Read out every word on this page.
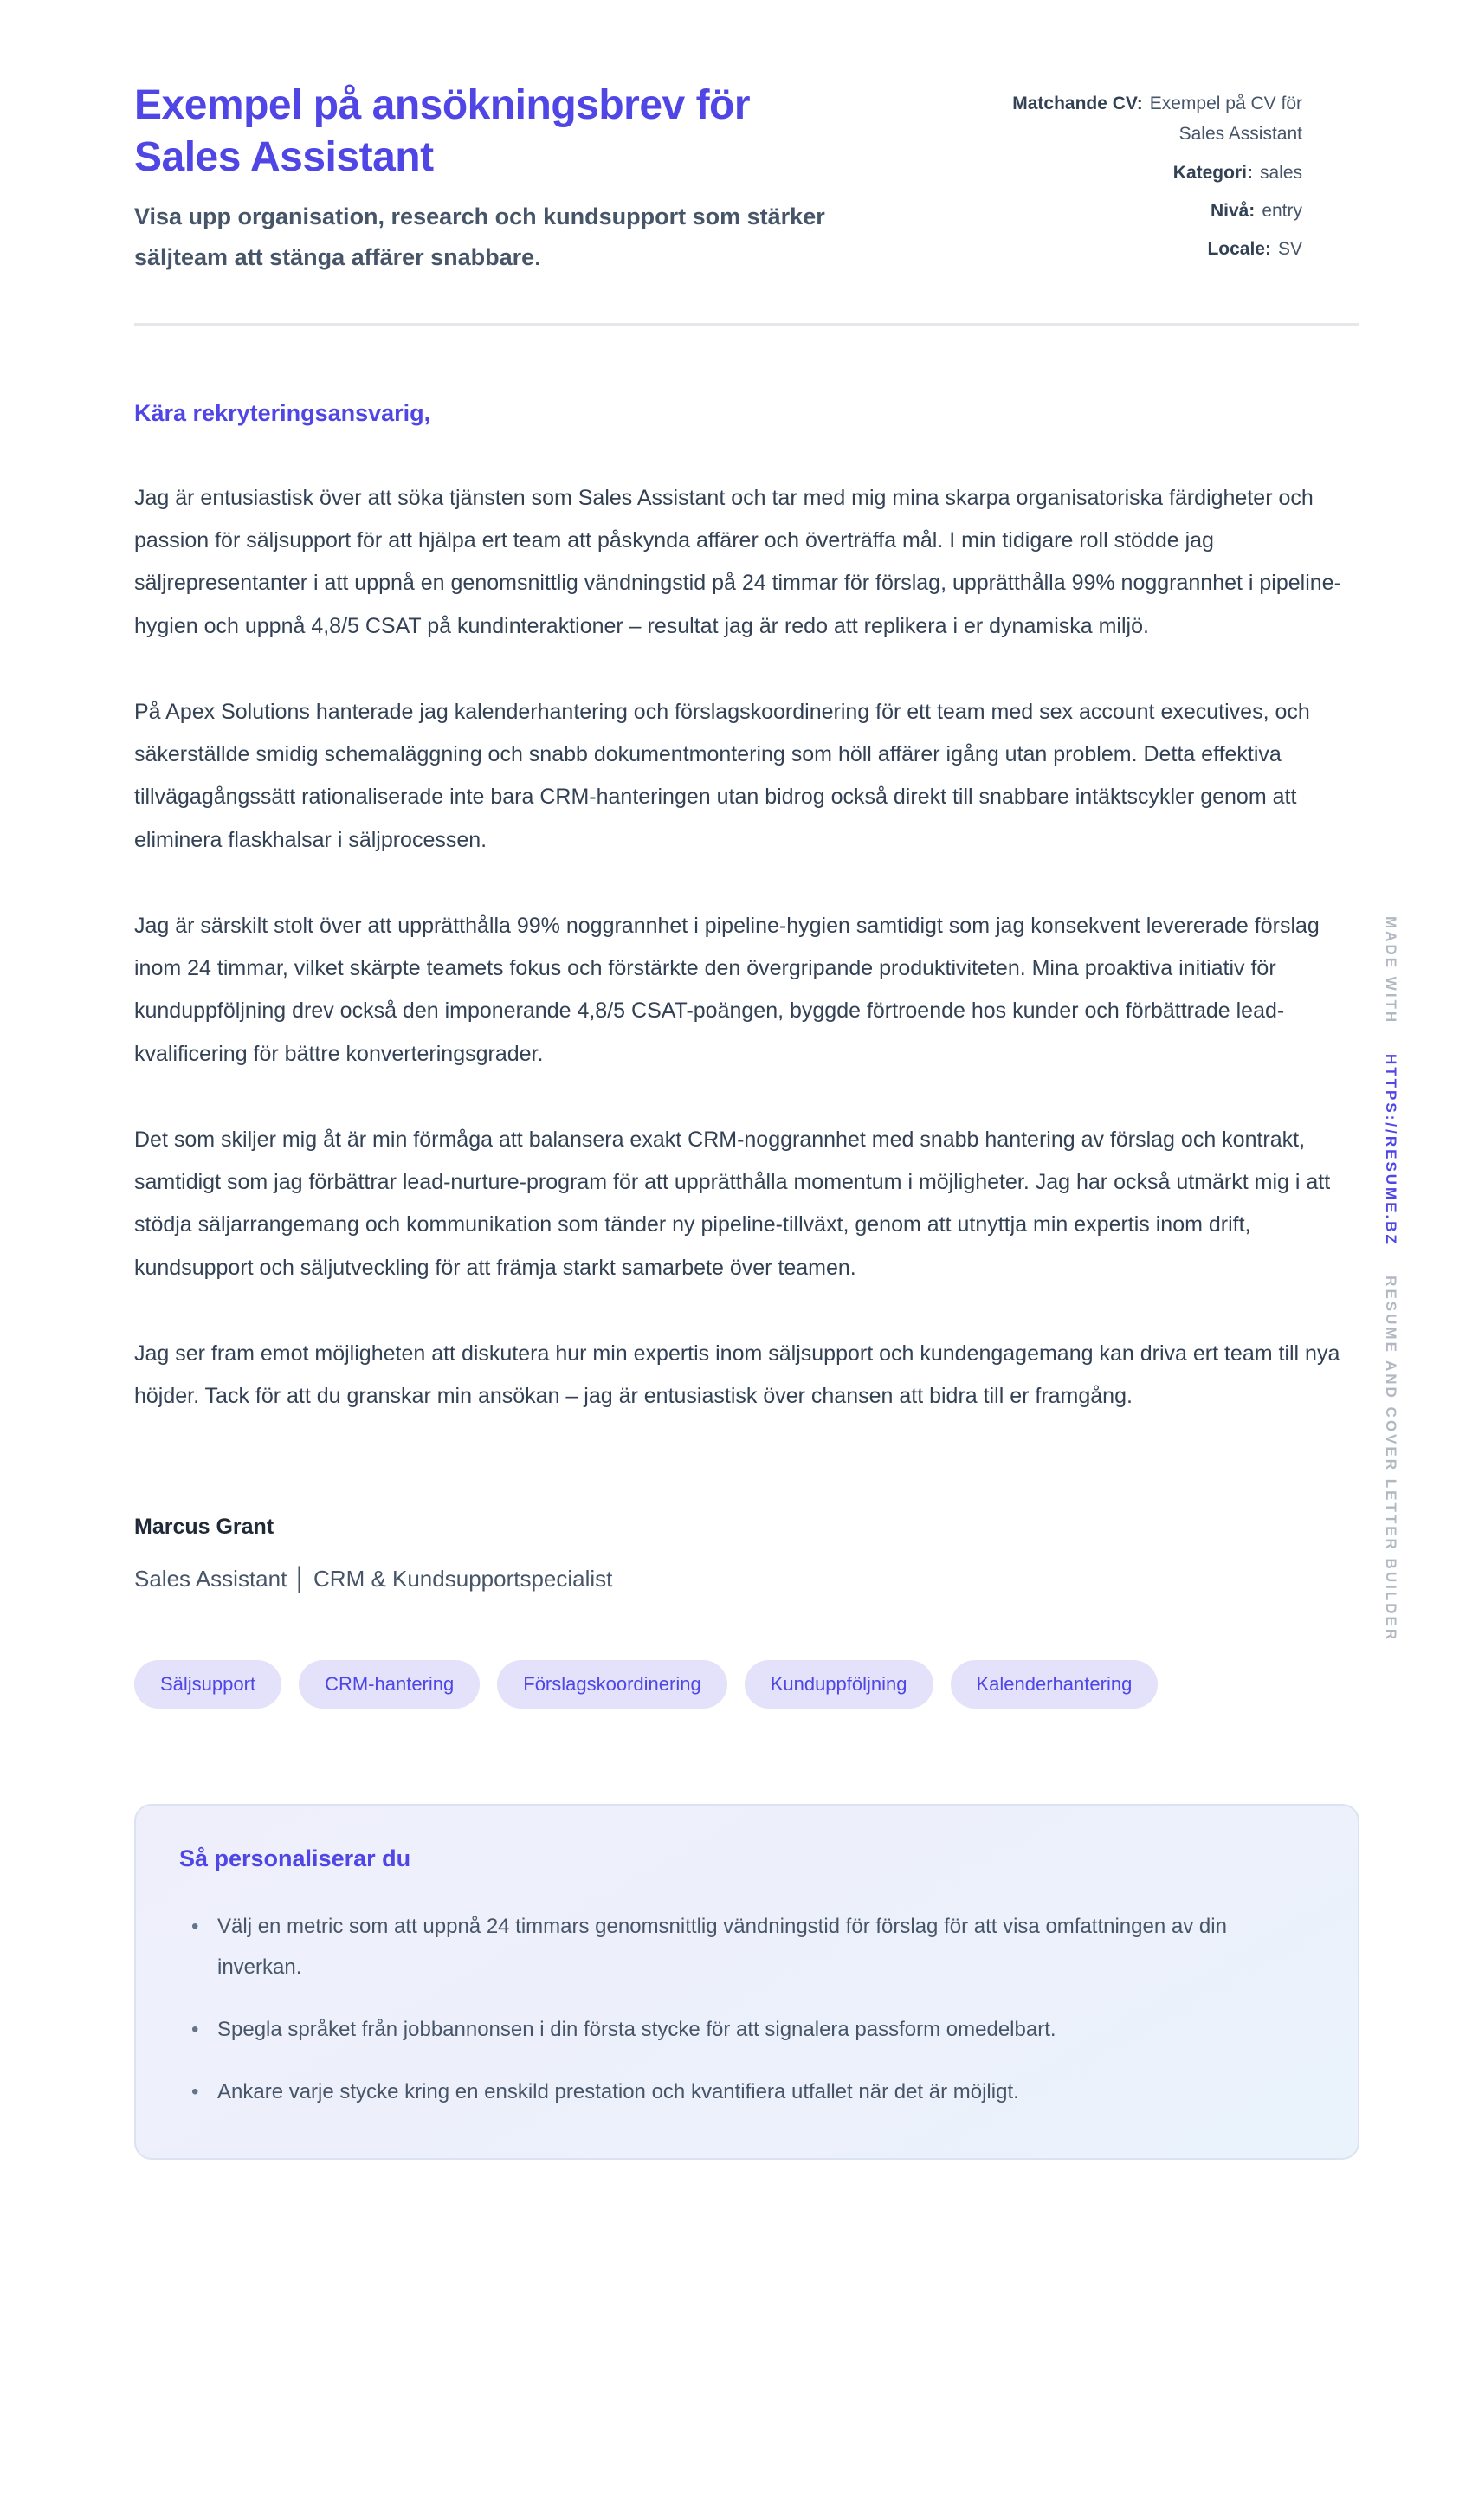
Exempel på ansökningsbrev för Sales Assistant
Visa upp organisation, research och kundsupport som stärker säljteam att stänga affärer snabbare.
Matchande CV: Exempel på CV för Sales Assistant
Kategori: sales
Nivå: entry
Locale: SV
Kära rekryteringsansvarig,

Jag är entusiastisk över att söka tjänsten som Sales Assistant och tar med mig mina skarpa organisatoriska färdigheter och passion för säljsupport för att hjälpa ert team att påskynda affärer och överträffa mål. I min tidigare roll stödde jag säljrepresentanter i att uppnå en genomsnittlig vändningstid på 24 timmar för förslag, upprätthålla 99% noggrannhet i pipeline-hygien och uppnå 4,8/5 CSAT på kundinteraktioner – resultat jag är redo att replikera i er dynamiska miljö.

På Apex Solutions hanterade jag kalenderhantering och förslagskoordinering för ett team med sex account executives, och säkerställde smidig schemaläggning och snabb dokumentmontering som höll affärer igång utan problem. Detta effektiva tillvägagångssätt rationaliserade inte bara CRM-hanteringen utan bidrog också direkt till snabbare intäktscykler genom att eliminera flaskhalsar i säljprocessen.

Jag är särskilt stolt över att upprätthålla 99% noggrannhet i pipeline-hygien samtidigt som jag konsekvent levererade förslag inom 24 timmar, vilket skärpte teamets fokus och förstärkte den övergripande produktiviteten. Mina proaktiva initiativ för kunduppföljning drev också den imponerande 4,8/5 CSAT-poängen, byggde förtroende hos kunder och förbättrade lead-kvalificering för bättre konverteringsgrader.

Det som skiljer mig åt är min förmåga att balansera exakt CRM-noggrannhet med snabb hantering av förslag och kontrakt, samtidigt som jag förbättrar lead-nurture-program för att upprätthålla momentum i möjligheter. Jag har också utmärkt mig i att stödja säljarrangemang och kommunikation som tänder ny pipeline-tillväxt, genom att utnyttja min expertis inom drift, kundsupport och säljutveckling för att främja starkt samarbete över teamen.

Jag ser fram emot möjligheten att diskutera hur min expertis inom säljsupport och kundengagemang kan driva ert team till nya höjder. Tack för att du granskar min ansökan – jag är entusiastisk över chansen att bidra till er framgång.

Marcus Grant
Sales Assistant │ CRM & Kundsupportspecialist
Säljsupport	CRM-hantering	Förslagskoordinering	Kunduppföljning	Kalenderhantering
Så personaliserar du
• Välj en metric som att uppnå 24 timmars genomsnittlig vändningstid för förslag för att visa omfattningen av din inverkan.
• Spegla språket från jobbannonsen i din första stycke för att signalera passform omedelbart.
• Ankare varje stycke kring en enskild prestation och kvantifiera utfallet när det är möjligt.
MADE WITHHTTPS://RESUME.BZRESUME AND COVER LETTER BUILDER
